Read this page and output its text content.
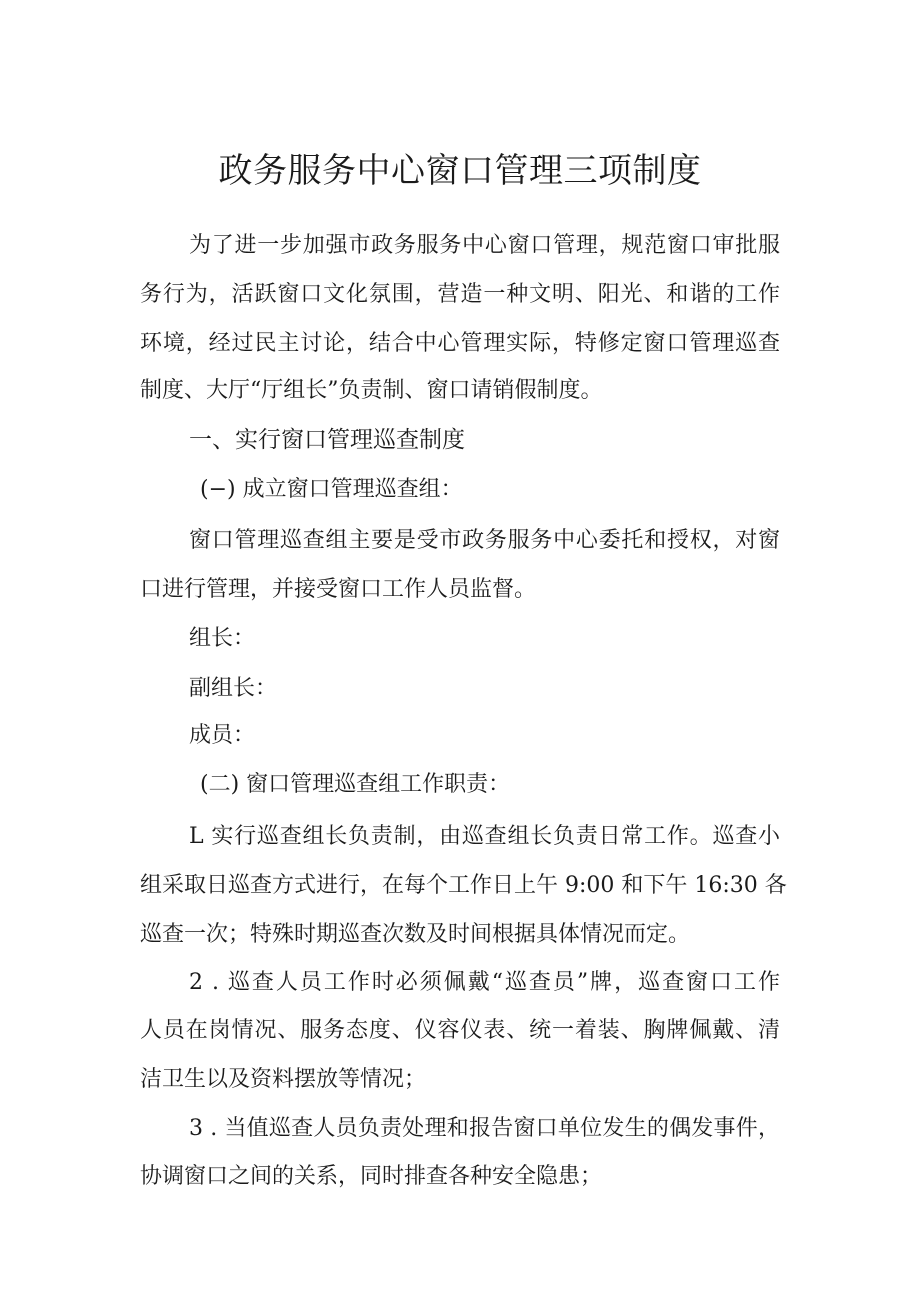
政务服务中心窗口管理三项制度

为了进一步加强市政务服务中心窗口管理，规范窗口审批服

务行为，活跃窗口文化氛围，营造一种文明、阳光、和谐的工作

环境，经过民主讨论，结合中心管理实际，特修定窗口管理巡查

制度、大厅“厅组长”负责制、窗口请销假制度。

一、实行窗口管理巡查制度

(−) 成立窗口管理巡查组：

窗口管理巡查组主要是受市政务服务中心委托和授权，对窗

口进行管理，并接受窗口工作人员监督。

组长：

副组长：

成员：

(二) 窗口管理巡查组工作职责：

L 实行巡查组长负责制，由巡查组长负责日常工作。巡查小

组采取日巡查方式进行，在每个工作日上午 9:00 和下午 16:30 各

巡查一次；特殊时期巡查次数及时间根据具体情况而定。

2 . 巡查人员工作时必须佩戴“巡查员”牌，巡查窗口工作

人员在岗情况、服务态度、仪容仪表、统一着装、胸牌佩戴、清

洁卫生以及资料摆放等情况；

3 . 当值巡查人员负责处理和报告窗口单位发生的偶发事件，

协调窗口之间的关系，同时排查各种安全隐患；
